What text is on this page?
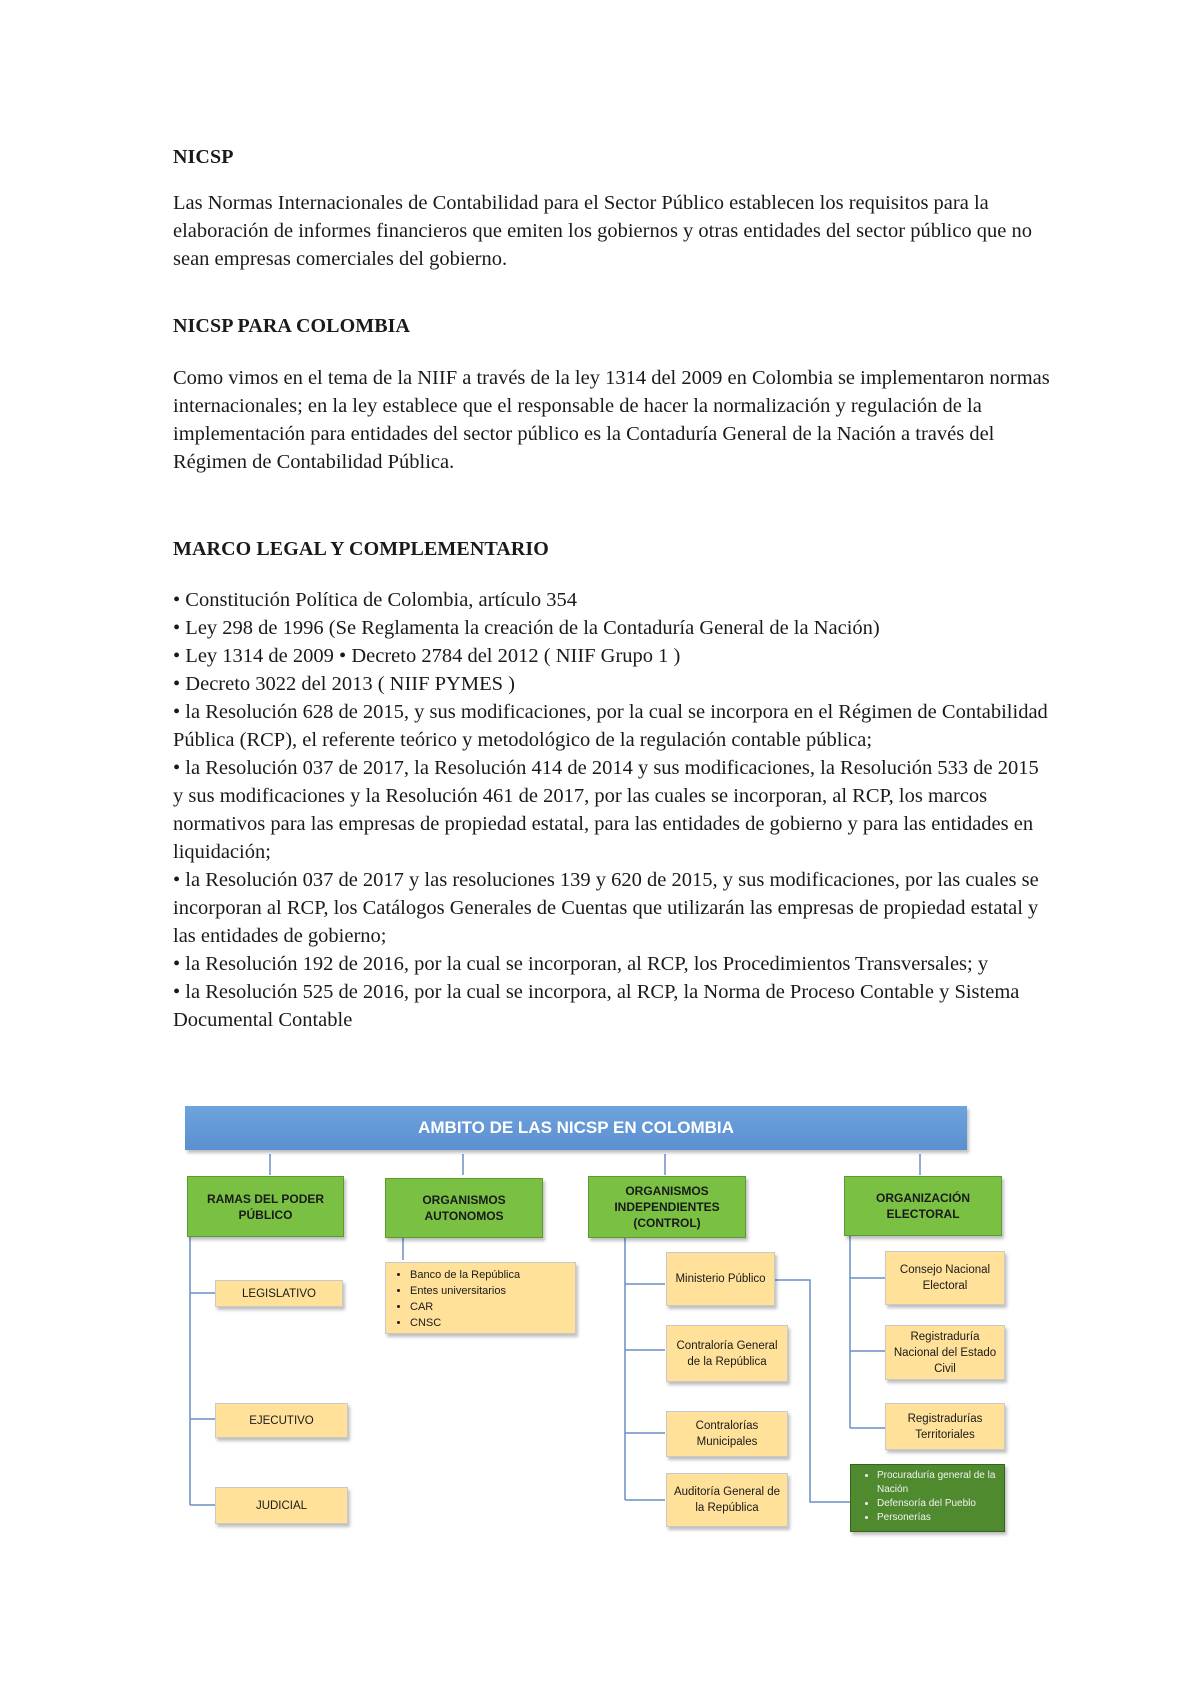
NICSP

Las Normas Internacionales de Contabilidad para el Sector Público establecen los requisitos para la elaboración de informes financieros que emiten los gobiernos y otras entidades del sector público que no sean empresas comerciales del gobierno.

NICSP PARA COLOMBIA

Como vimos en el tema de la NIIF a través de la ley 1314 del 2009 en Colombia se implementaron normas internacionales; en la ley establece que el responsable de hacer la normalización y regulación de la implementación para entidades del sector público es la Contaduría General de la Nación a través del Régimen de Contabilidad Pública.

MARCO LEGAL Y COMPLEMENTARIO

• Constitución Política de Colombia, artículo 354
• Ley 298 de 1996 (Se Reglamenta la creación de la Contaduría General de la Nación)
• Ley 1314 de 2009 • Decreto 2784 del 2012 ( NIIF Grupo 1 )
• Decreto 3022 del 2013 ( NIIF PYMES )
• la Resolución 628 de 2015, y sus modificaciones, por la cual se incorpora en el Régimen de Contabilidad Pública (RCP), el referente teórico y metodológico de la regulación contable pública;
• la Resolución 037 de 2017, la Resolución 414 de 2014 y sus modificaciones, la Resolución 533 de 2015 y sus modificaciones y la Resolución 461 de 2017, por las cuales se incorporan, al RCP, los marcos normativos para las empresas de propiedad estatal, para las entidades de gobierno y para las entidades en liquidación;
• la Resolución 037 de 2017 y las resoluciones 139 y 620 de 2015, y sus modificaciones, por las cuales se incorporan al RCP, los Catálogos Generales de Cuentas que utilizarán las empresas de propiedad estatal y las entidades de gobierno;
• la Resolución 192 de 2016, por la cual se incorporan, al RCP, los Procedimientos Transversales; y
• la Resolución 525 de 2016, por la cual se incorpora, al RCP, la Norma de Proceso Contable y Sistema Documental Contable
AMBITO DE LAS NICSP EN COLOMBIA
RAMAS DEL PODER PÚBLICO
ORGANISMOS AUTONOMOS
ORGANISMOS INDEPENDIENTES (CONTROL)
ORGANIZACIÓN ELECTORAL
LEGISLATIVO
EJECUTIVO
JUDICIAL
• Banco de la República
• Entes universitarios
• CAR
• CNSC
Ministerio Público
Contraloría General de la República
Contralorías Municipales
Auditoría General de la República
• Procuraduría general de la Nación
• Defensoría del Pueblo
• Personerías
Consejo Nacional Electoral
Registraduría Nacional del Estado Civil
Registradurías Territoriales
